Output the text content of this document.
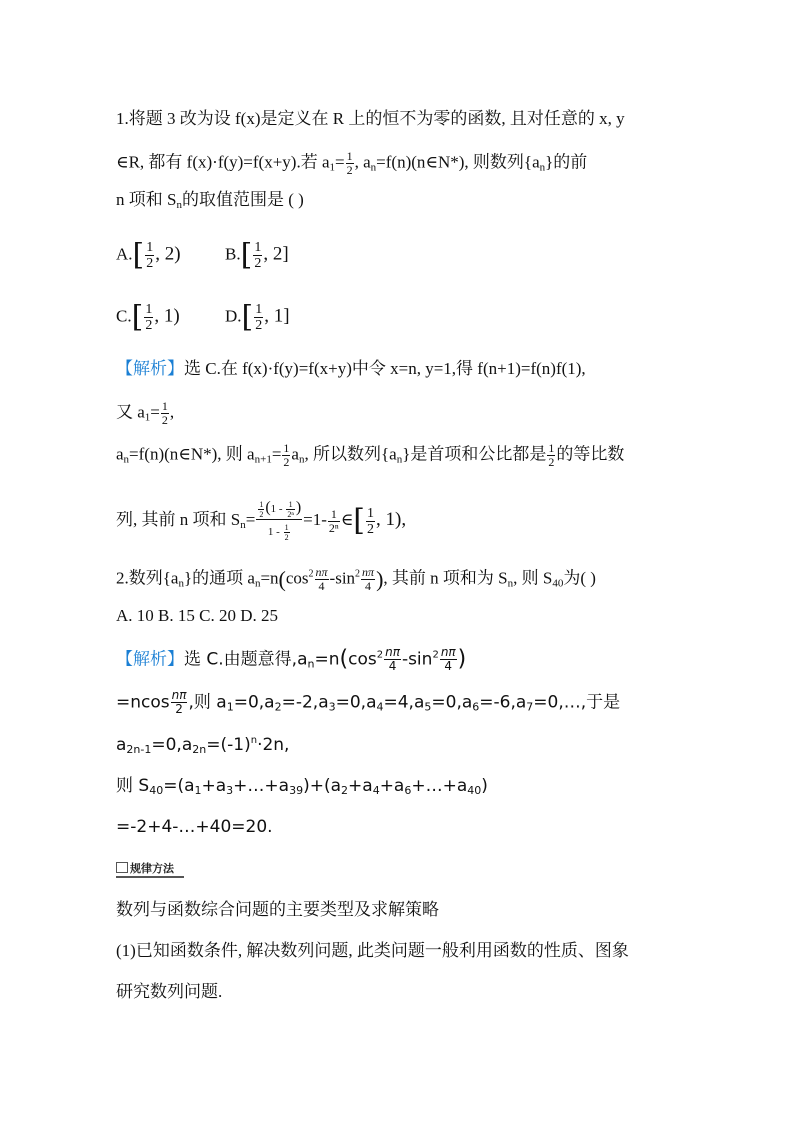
1.将题 3 改为设 f(x)是定义在 R 上的恒不为零的函数, 且对任意的 x, y
∈R, 都有 f(x)·f(y)=f(x+y).若 $a_1= \frac{1}{2}$ , $a_n=f(n)(n\in N*)$, 则数列$\{a_n\}$的前
n 项和 $S_n$的取值范围是 ( )
$A.[ \frac{1}{2}$ , 2)	$B.[ \frac{1}{2}$ , 2]
$C.[ \frac{1}{2}$ , 1)	$D.[ \frac{1}{2}$ , 1]
【解析】选 C.在 f(x)·f(y)=f(x+y)中令 x=n, y=1,得 f(n+1)=f(n)f(1),
又 $a_1= \frac{1}{2}$ ,
$a_n=f(n)(n\in N*)$, 则 $a_{n+1}= \frac{1}{2} a_n$, 所以数列$\{a_n\}$是首项和公比都是 $\frac{1}{2}$ 的等比数
列, 其前 n 项和 $S_n= \frac{\frac{1}{2} (1 - \frac{1}{\text{2ⁿ}} )}{1 - \frac{1}{2}} =1- \frac{1}{\text{2ⁿ}}$ ∈[ $\frac{1}{2}$ , 1),
2.数列$\{a_n\}$的通项 $a_n=n(\cos^2 \frac{n\pi}{4} -\sin^2 \frac{n\pi}{4}$ ), 其前 n 项和为 $S_n$, 则 $S_{40}$为( )
A. 10 B. 15 C. 20 D. 25
【解析】选 C.由题意得$,a_n=n(\cos^2 \frac{n\pi}{4} -\sin^2 \frac{n\pi}{4}$ )
$=ncos \frac{n\pi}{2}$ ,则 $a_1=0,a_2=-2,a_3=0,a_4=4,a_5=0,a_6=-6,a_7=0,\dots$,于是
$a_{2n-1}=0,a_{2n}=(-1)^n\cdot 2n$,
则 $S_{40}=(a_1+a_3+\dots+a_{39})+(a_2+a_4+a_6+\dots+a_{40})$
=-2+4-…+40=20.
规律方法
数列与函数综合问题的主要类型及求解策略
(1)已知函数条件, 解决数列问题, 此类问题一般利用函数的性质、图象
研究数列问题.
